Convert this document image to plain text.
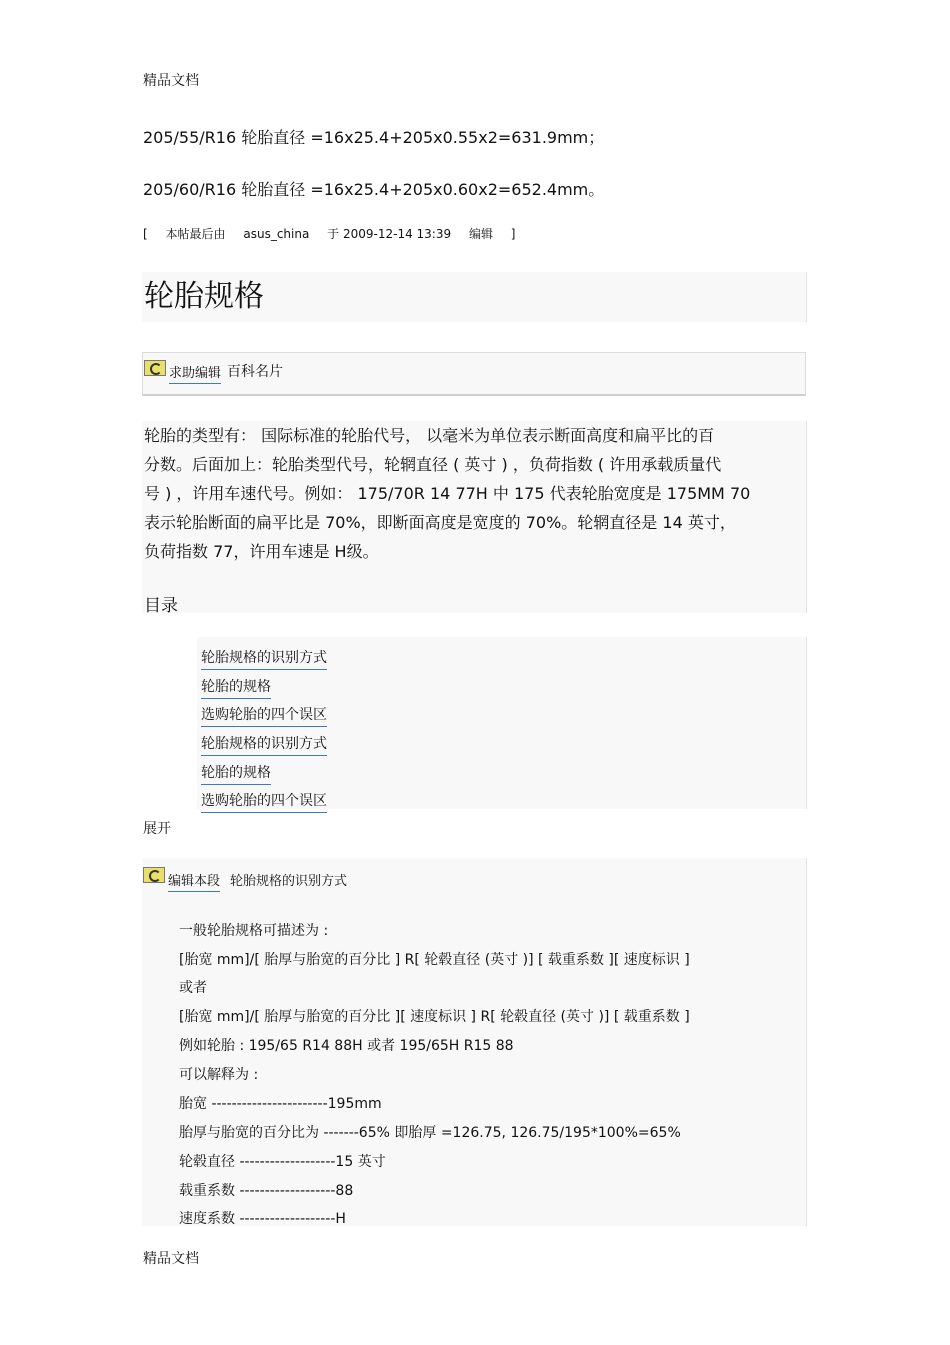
精品文档
205/55/R16 轮胎直径 =16x25.4+205x0.55x2=631.9mm；
205/60/R16 轮胎直径 =16x25.4+205x0.60x2=652.4mm。
[ 本帖最后由 asus_china 于 2009-12-14 13:39 编辑 ]
轮胎规格
求助编辑 百科名片
轮胎的类型有： 国际标准的轮胎代号， 以毫米为单位表示断面高度和扁平比的百
分数。后面加上：轮胎类型代号，轮辋直径 ( 英寸 ) ，负荷指数 ( 许用承载质量代
号 ) ，许用车速代号。例如： 175/70R 14 77H 中 175 代表轮胎宽度是 175MM 70
表示轮胎断面的扁平比是 70%，即断面高度是宽度的 70%。轮辋直径是 14 英寸，
负荷指数 77，许用车速是 H级。
目录
轮胎规格的识别方式
轮胎的规格
选购轮胎的四个误区
轮胎规格的识别方式
轮胎的规格
选购轮胎的四个误区
展开
编辑本段 轮胎规格的识别方式
一般轮胎规格可描述为 :
[胎宽 mm]/[ 胎厚与胎宽的百分比 ] R[ 轮毂直径 (英寸 )] [ 载重系数 ][ 速度标识 ]
或者
[胎宽 mm]/[ 胎厚与胎宽的百分比 ][ 速度标识 ] R[ 轮毂直径 (英寸 )] [ 载重系数 ]
例如轮胎 : 195/65 R14 88H 或者 195/65H R15 88
可以解释为 :
胎宽 -----------------------195mm
胎厚与胎宽的百分比为 -------65% 即胎厚 =126.75, 126.75/195*100%=65%
轮毂直径 -------------------15 英寸
载重系数 -------------------88
速度系数 -------------------H
精品文档
